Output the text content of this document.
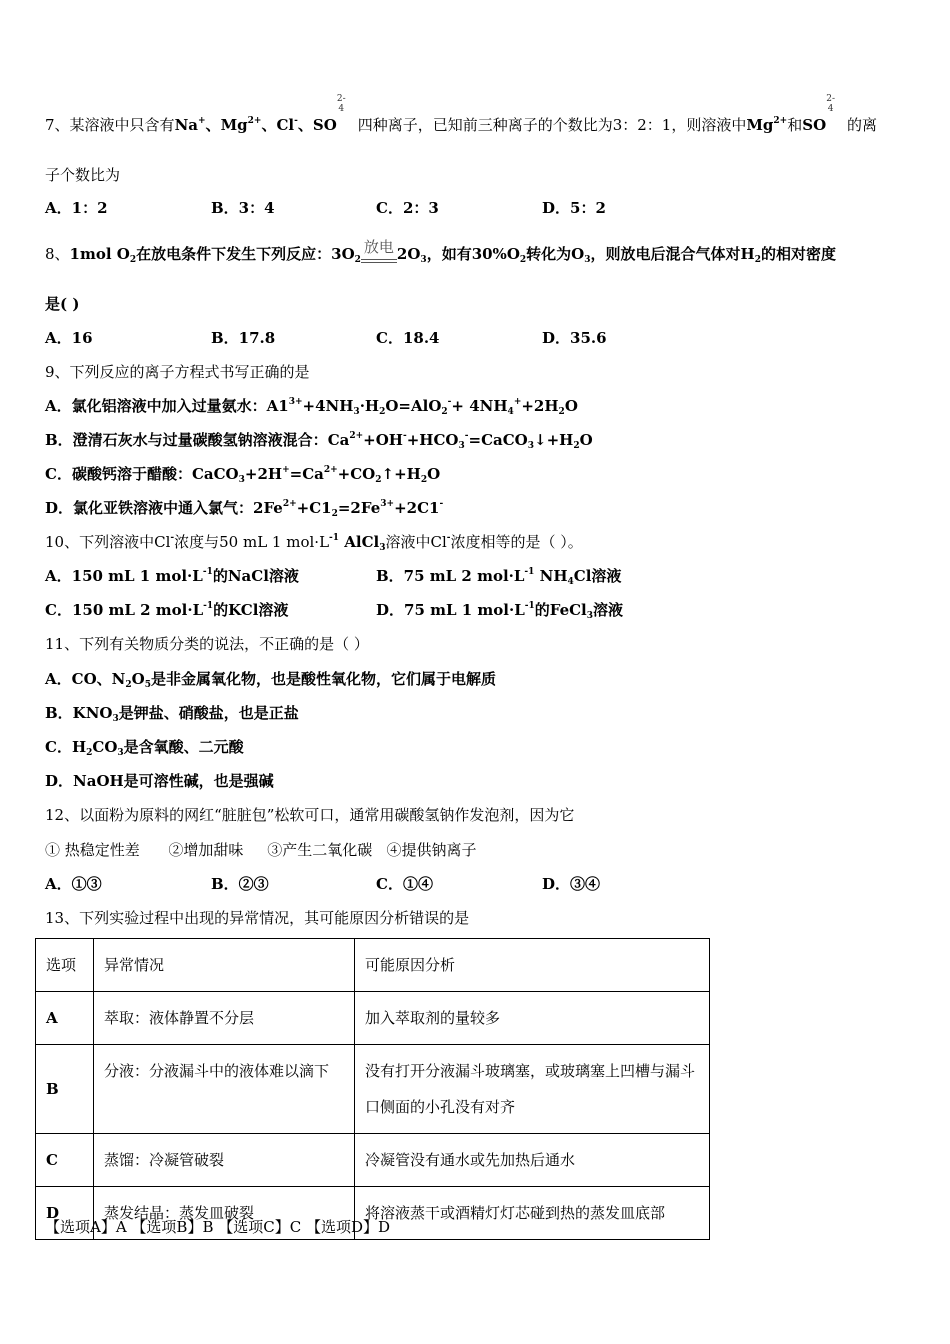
7、某溶液中只含有Na+、$Mg^{2+}$、Cl-、SO
2-
4
四种离子，已知前三种离子的个数比为3：2：1，则溶液中$Mg^{2+}$和SO
2-
4
的离
子个数比为
A．1：2	B．3：4	C．2：3	D．5：2
8、1mol $O_2$在放电条件下发生下列反应：$3O_2$
放电 $2O_3$，如有$30\%O_2$转化为$O_3$，则放电后混合气体对$H_2$的相对密度
是( )
A．16	B．17.8	C．18.4	D．35.6
9、下列反应的离子方程式书写正确的是
A．氯化铝溶液中加入过量氨水：$A1^{3+}+4NH_3\cdot H_2O=AlO_2^-+ 4NH_4^++2H_2O$
B．澄清石灰水与过量碳酸氢钠溶液混合：$Ca^{2+}+OH^-+HCO_3^-=CaCO_3↓+H_2O$
C．碳酸钙溶于醋酸：$CaCO_3+2H^+=Ca^{2+}+CO_2↑+H_2O$
D．氯化亚铁溶液中通入氯气：$2Fe^{2+}+C1_2=2Fe^{3+}+2C1^-$
10、下列溶液中Cl-浓度与50 mL 1 $mol\cdot L^{-1}$ AlCl$_3$溶液中Cl-浓度相等的是（ ）。
A．150 mL 1 $mol\cdot L^{-1}$的NaCl溶液	B．75 mL 2 $mol\cdot L^{-1}$ $NH_4Cl$溶液
C．150 mL 2 $mol\cdot L^{-1}$的KCl溶液	D．75 mL 1 $mol\cdot L^{-1}$的FeCl$_3$溶液
11、下列有关物质分类的说法，不正确的是（ ）
A．CO、$N_2O_5$是非金属氧化物，也是酸性氧化物，它们属于电解质
B．$KNO_3$是钾盐、硝酸盐，也是正盐
C．$H_2CO_3$是含氧酸、二元酸
D．NaOH是可溶性碱，也是强碱
12、以面粉为原料的网红“脏脏包”松软可口，通常用碳酸氢钠作发泡剂，因为它
① 热稳定性差      ②增加甜味     ③产生二氧化碳   ④提供钠离子
A．①③	B．②③	C．①④	D．③④
13、下列实验过程中出现的异常情况，其可能原因分析错误的是
选项	异常情况	可能原因分析
A	萃取：液体静置不分层	加入萃取剂的量较多
B	分液：分液漏斗中的液体难以滴下	没有打开分液漏斗玻璃塞，或玻璃塞上凹槽与漏斗口侧面的小孔没有对齐
C	蒸馏：冷凝管破裂	冷凝管没有通水或先加热后通水
D	蒸发结晶：蒸发皿破裂	将溶液蒸干或酒精灯灯芯碰到热的蒸发皿底部
【选项A】A 【选项B】B 【选项C】C 【选项D】D
